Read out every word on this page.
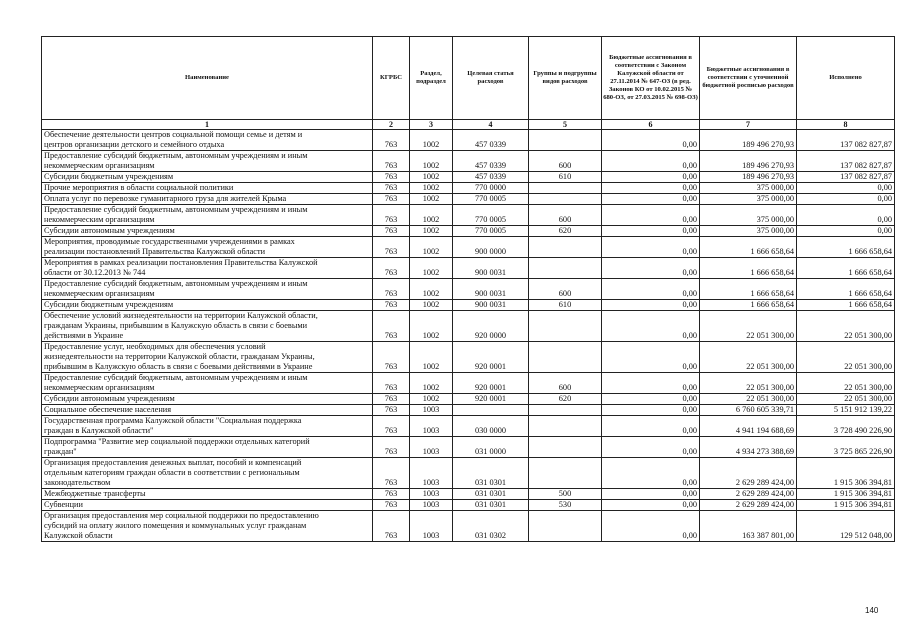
Наименование	КГРБС	Раздел, подраздел	Целевая статья расходов	Группы и подгруппы видов расходов	Бюджетные ассигнования в соответствии с Законом Калужской области от 27.11.2014 № 647-ОЗ (в ред. Законов КО от 10.02.2015 № 680-ОЗ, от 27.03.2015 № 698-ОЗ)	Бюджетные ассигнования в соответствии с уточненной бюджетной росписью расходов	Исполнено
1	2	3	4	5	6	7	8
Обеспечение деятельности центров социальной помощи семье и детям и
центров организации детского и семейного отдыха	763	1002	457 0339		0,00	189 496 270,93	137 082 827,87
Предоставление субсидий бюджетным, автономным учреждениям и иным
некоммерческим организациям	763	1002	457 0339	600	0,00	189 496 270,93	137 082 827,87
Субсидии бюджетным учреждениям	763	1002	457 0339	610	0,00	189 496 270,93	137 082 827,87
Прочие мероприятия в области социальной политики	763	1002	770 0000		0,00	375 000,00	0,00
Оплата услуг по перевозке гуманитарного груза для жителей Крыма	763	1002	770 0005		0,00	375 000,00	0,00
Предоставление субсидий бюджетным, автономным учреждениям и иным
некоммерческим организациям	763	1002	770 0005	600	0,00	375 000,00	0,00
Субсидии автономным учреждениям	763	1002	770 0005	620	0,00	375 000,00	0,00
Мероприятия, проводимые государственными учреждениями в рамках
реализации постановлений Правительства Калужской области	763	1002	900 0000		0,00	1 666 658,64	1 666 658,64
Мероприятия в рамках реализации постановления Правительства Калужской
области от 30.12.2013 № 744	763	1002	900 0031		0,00	1 666 658,64	1 666 658,64
Предоставление субсидий бюджетным, автономным учреждениям и иным
некоммерческим организациям	763	1002	900 0031	600	0,00	1 666 658,64	1 666 658,64
Субсидии бюджетным учреждениям	763	1002	900 0031	610	0,00	1 666 658,64	1 666 658,64
Обеспечение условий жизнедеятельности на территории Калужской области,
гражданам Украины, прибывшим в Калужскую область в связи с боевыми
действиями в Украине	763	1002	920 0000		0,00	22 051 300,00	22 051 300,00
Предоставление услуг, необходимых для обеспечения условий
жизнедеятельности на территории Калужской области, гражданам Украины,
прибывшим в Калужскую область в связи с боевыми действиями в Украине	763	1002	920 0001		0,00	22 051 300,00	22 051 300,00
Предоставление субсидий бюджетным, автономным учреждениям и иным
некоммерческим организациям	763	1002	920 0001	600	0,00	22 051 300,00	22 051 300,00
Субсидии автономным учреждениям	763	1002	920 0001	620	0,00	22 051 300,00	22 051 300,00
Социальное обеспечение населения	763	1003			0,00	6 760 605 339,71	5 151 912 139,22
Государственная программа Калужской области "Социальная поддержка
граждан в Калужской области"	763	1003	030 0000		0,00	4 941 194 688,69	3 728 490 226,90
Подпрограмма "Развитие мер социальной поддержки отдельных категорий
граждан"	763	1003	031 0000		0,00	4 934 273 388,69	3 725 865 226,90
Организация предоставления денежных выплат, пособий и компенсаций
отдельным категориям граждан области в соответствии с региональным
законодательством	763	1003	031 0301		0,00	2 629 289 424,00	1 915 306 394,81
Межбюджетные трансферты	763	1003	031 0301	500	0,00	2 629 289 424,00	1 915 306 394,81
Субвенции	763	1003	031 0301	530	0,00	2 629 289 424,00	1 915 306 394,81
Организация предоставления мер социальной поддержки по предоставлению
субсидий на оплату жилого помещения и коммунальных услуг гражданам
Калужской области	763	1003	031 0302		0,00	163 387 801,00	129 512 048,00
140
